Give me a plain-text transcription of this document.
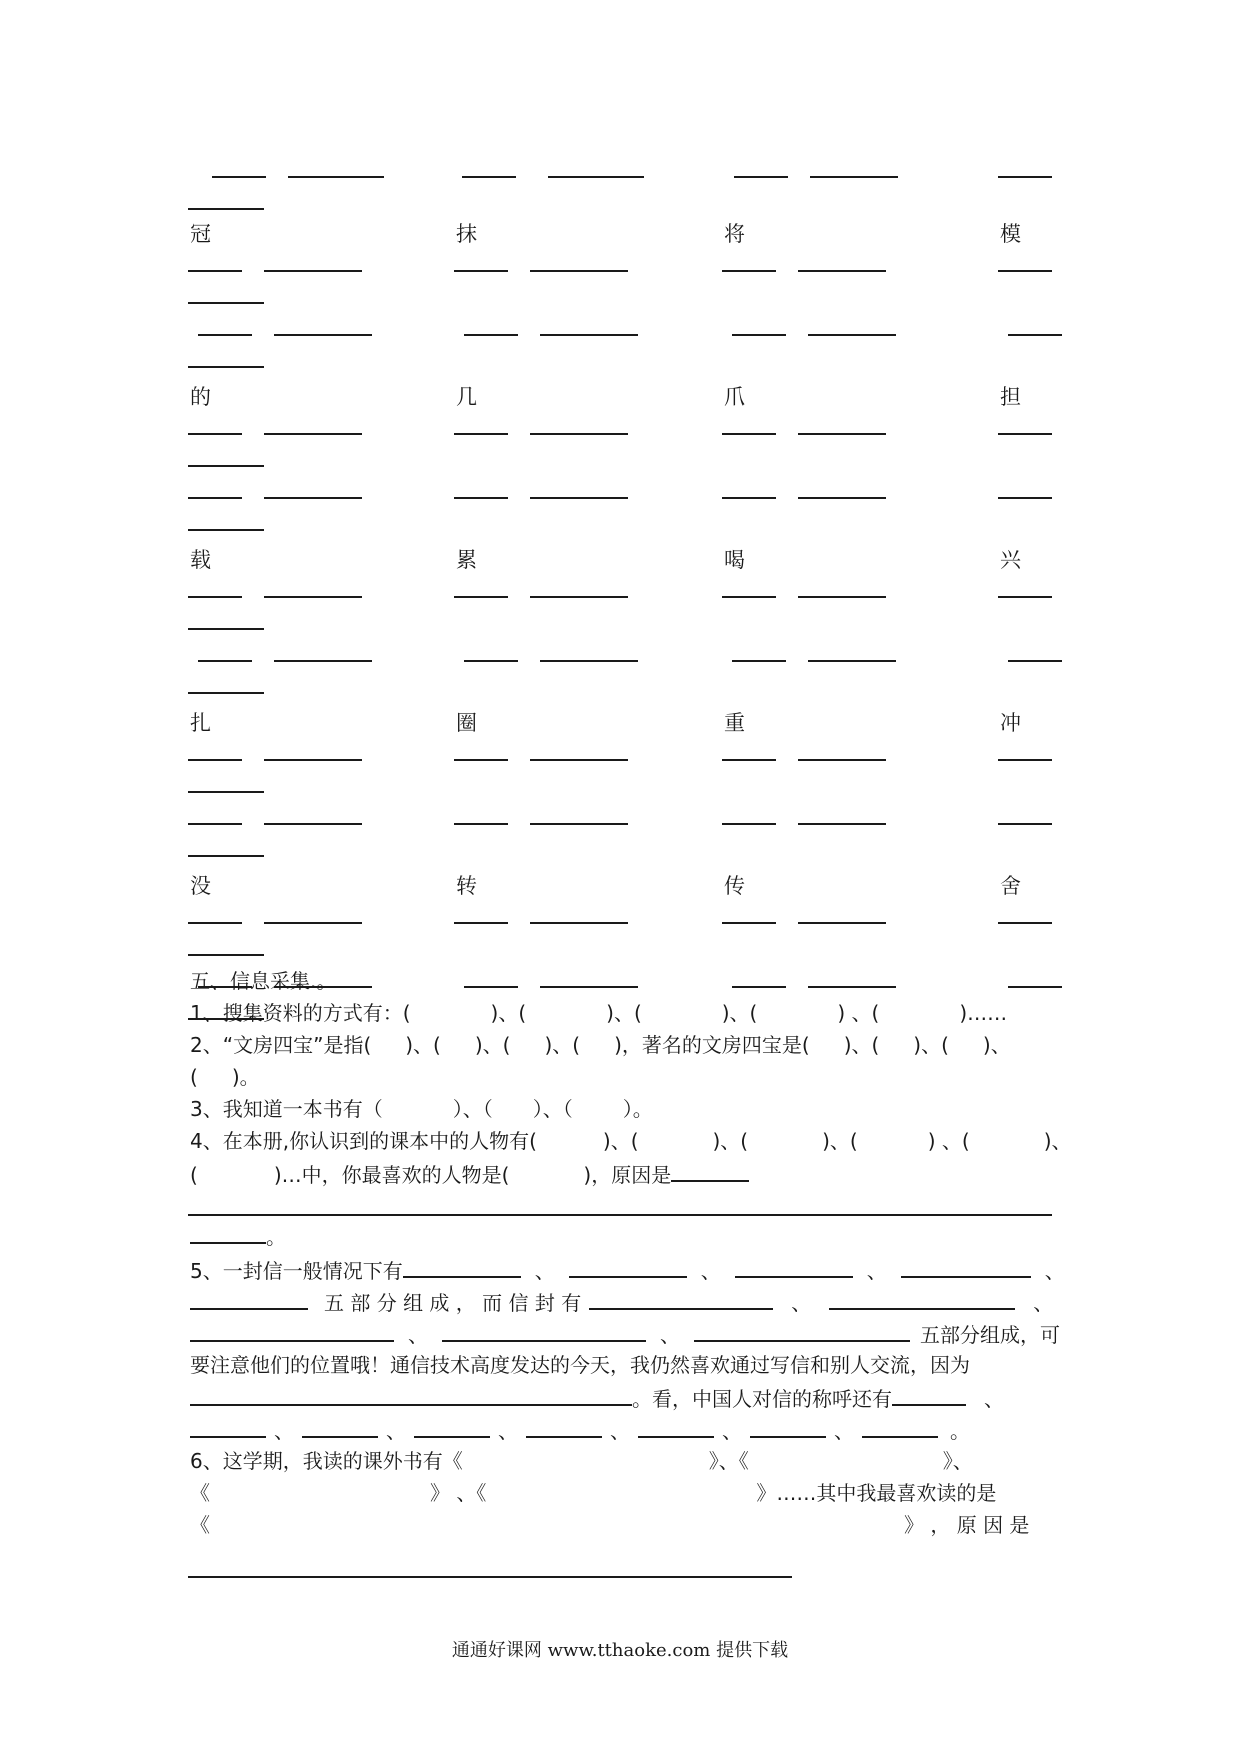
冠	抹	将	模
的	几	爪	担
载	累	喝	兴
扎	圈	重	冲
没	转	传	舍
五、信息采集.。
1、搜集资料的方式有：(	)、(	)、(	)、(	) 、(	)……
2、“文房四宝”是指( )、( )、( )、( )，著名的文房四宝是( )、( )、( )、
( )。
3、我知道一本书有（	）、（ ）、（	）。
4、在本册,你认识到的课本中的人物有(	)、(	)、(	)、(	) 、(	)、
(	)…中，你最喜欢的人物是(	)，原因是
。
5、一封信一般情况下有	、	、	、	、
五 部 分 组 成 ， 而 信 封 有	、	、
、	、	五部分组成，可
要注意他们的位置哦！通信技术高度发达的今天，我仍然喜欢通过写信和别人交流，因为
。看，中国人对信的称呼还有	、
、	、	、	、	、	、	。
6、这学期，我读的课外书有《	》、《	》、
《	》 、《	》……其中我最喜欢读的是
《	》 ， 原 因 是
通通好课网 www.tthaoke.com 提供下载
